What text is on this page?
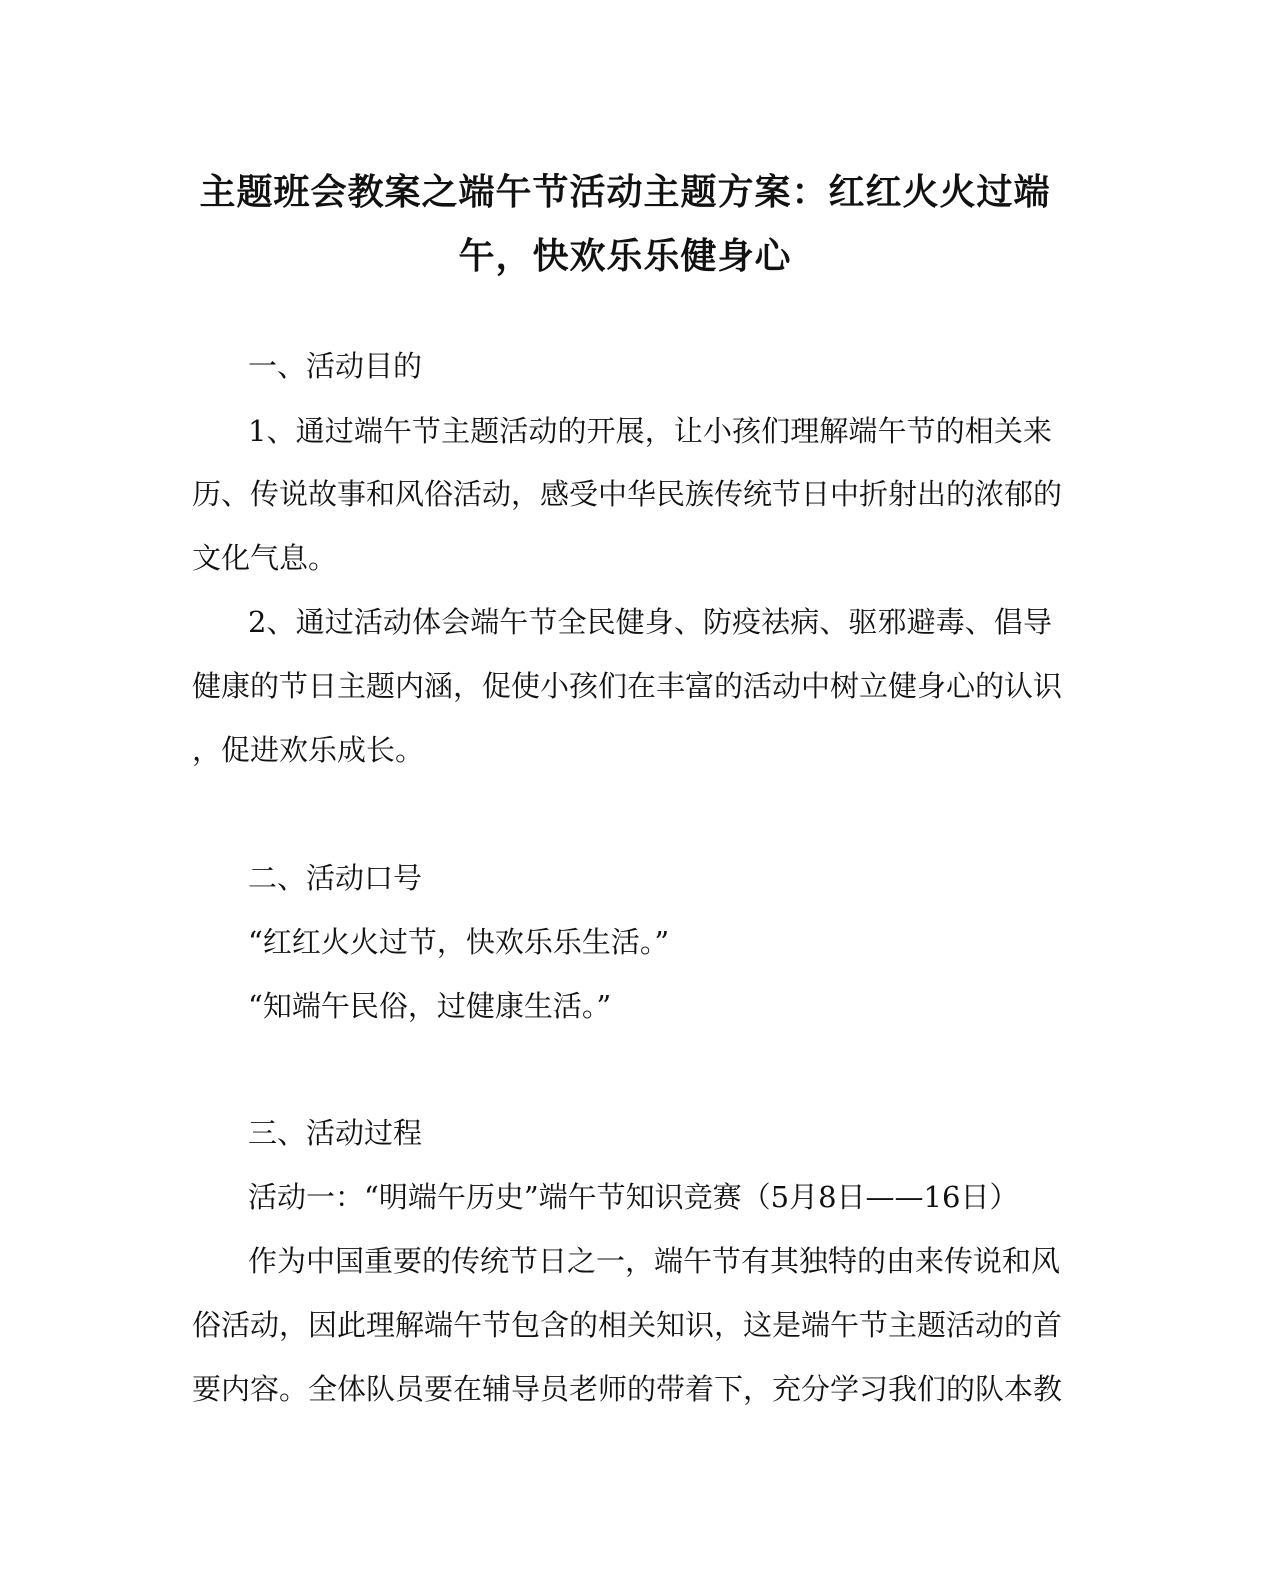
主题班会教案之端午节活动主题方案：红红火火过端
午，快欢乐乐健身心

一、活动目的

1、通过端午节主题活动的开展，让小孩们理解端午节的相关来

历、传说故事和风俗活动，感受中华民族传统节日中折射出的浓郁的

文化气息。

2、通过活动体会端午节全民健身、防疫祛病、驱邪避毒、倡导

健康的节日主题内涵，促使小孩们在丰富的活动中树立健身心的认识

，促进欢乐成长。

二、活动口号

“红红火火过节，快欢乐乐生活。”

“知端午民俗，过健康生活。”

三、活动过程

活动一：“明端午历史”端午节知识竞赛（5月8日——16日）

作为中国重要的传统节日之一，端午节有其独特的由来传说和风

俗活动，因此理解端午节包含的相关知识，这是端午节主题活动的首

要内容。全体队员要在辅导员老师的带着下，充分学习我们的队本教
